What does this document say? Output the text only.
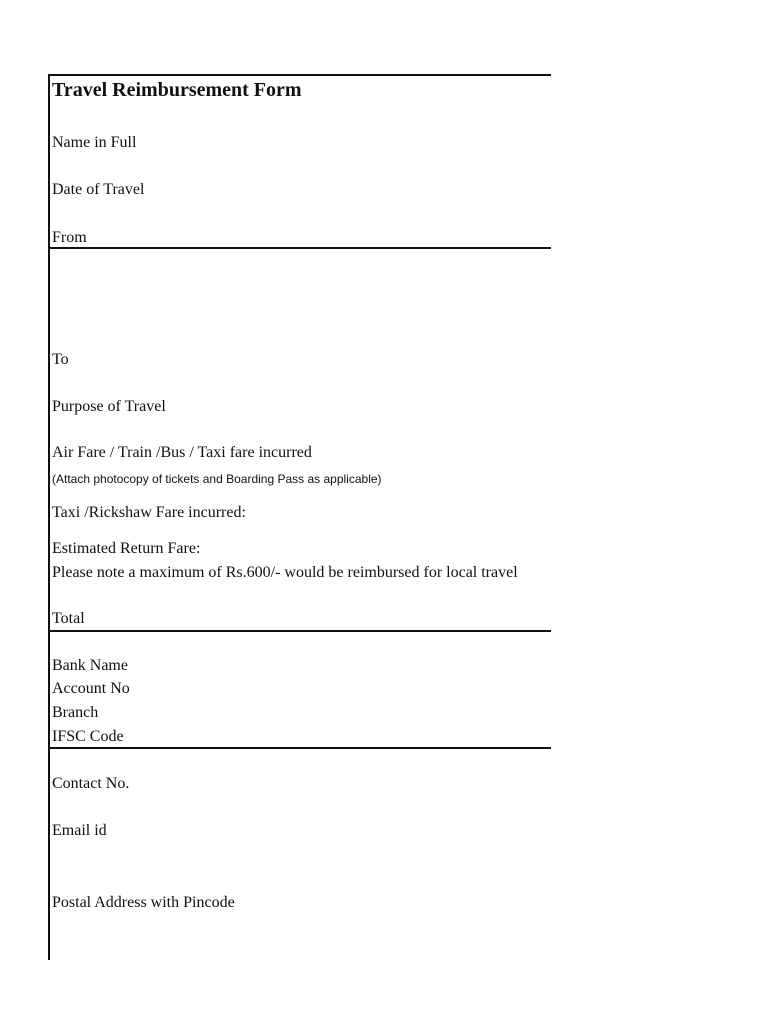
Travel Reimbursement Form
Name in Full
Date of Travel
From
To
Purpose of Travel
Air Fare / Train /Bus / Taxi fare incurred
(Attach photocopy of tickets and Boarding Pass as applicable)
Taxi /Rickshaw Fare incurred:
Estimated Return Fare:
Please note a maximum of Rs.600/- would be reimbursed for local travel
Total
Bank Name
Account No
Branch
IFSC Code
Contact No.
Email id
Postal Address with Pincode
